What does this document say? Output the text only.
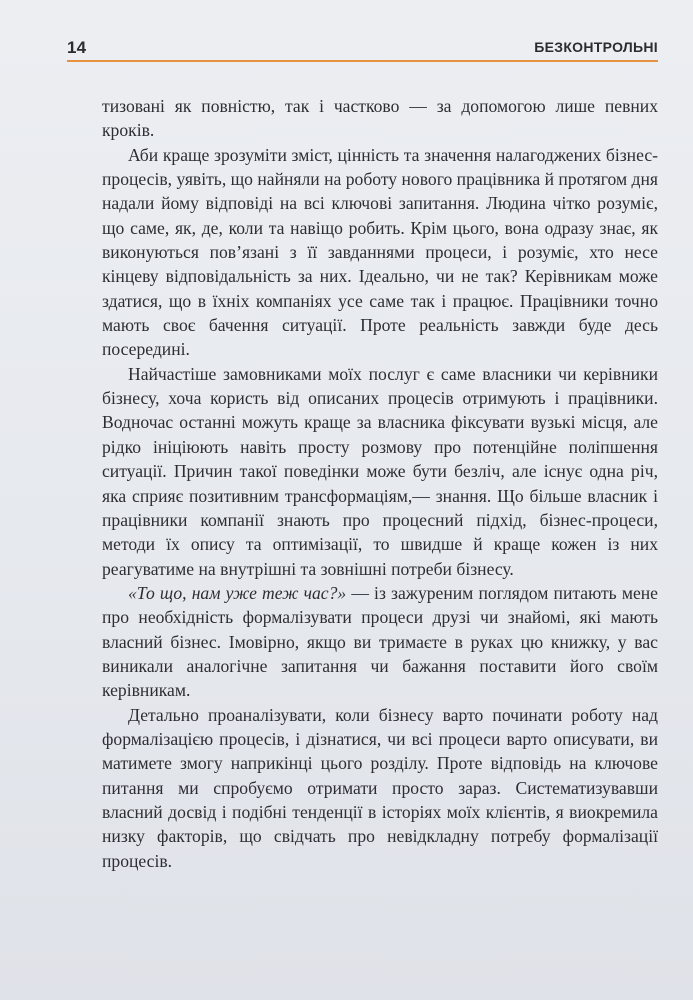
14	БЕЗКОНТРОЛЬНІ

тизовані як повністю, так і частково — за допомогою лише певних кроків.

Аби краще зрозуміти зміст, цінність та значення налагоджених бізнес-процесів, уявіть, що найняли на роботу нового працівника й протягом дня надали йому відповіді на всі ключові запитання. Людина чітко розуміє, що саме, як, де, коли та навіщо робить. Крім цього, вона одразу знає, як виконуються пов’язані з її завданнями процеси, і розуміє, хто несе кінцеву відповідальність за них. Ідеально, чи не так? Керівникам може здатися, що в їхніх компаніях усе саме так і працює. Працівники точно мають своє бачення ситуації. Проте реальність завжди буде десь посередині.

Найчастіше замовниками моїх послуг є саме власники чи керівники бізнесу, хоча користь від описаних процесів отримують і працівники. Водночас останні можуть краще за власника фіксувати вузькі місця, але рідко ініціюють навіть просту розмову про потенційне поліпшення ситуації. Причин такої поведінки може бути безліч, але існує одна річ, яка сприяє позитивним трансформаціям,— знання. Що більше власник і працівники компанії знають про процесний підхід, бізнес-процеси, методи їх опису та оптимізації, то швидше й краще кожен із них реагуватиме на внутрішні та зовнішні потреби бізнесу.

«То що, нам уже теж час?» — із зажуреним поглядом питають мене про необхідність формалізувати процеси друзі чи знайомі, які мають власний бізнес. Імовірно, якщо ви тримаєте в руках цю книжку, у вас виникали аналогічне запитання чи бажання поставити його своїм керівникам.

Детально проаналізувати, коли бізнесу варто починати роботу над формалізацією процесів, і дізнатися, чи всі процеси варто описувати, ви матимете змогу наприкінці цього розділу. Проте відповідь на ключове питання ми спробуємо отримати просто зараз. Систематизувавши власний досвід і подібні тенденції в історіях моїх клієнтів, я виокремила низку факторів, що свідчать про невідкладну потребу формалізації процесів.
